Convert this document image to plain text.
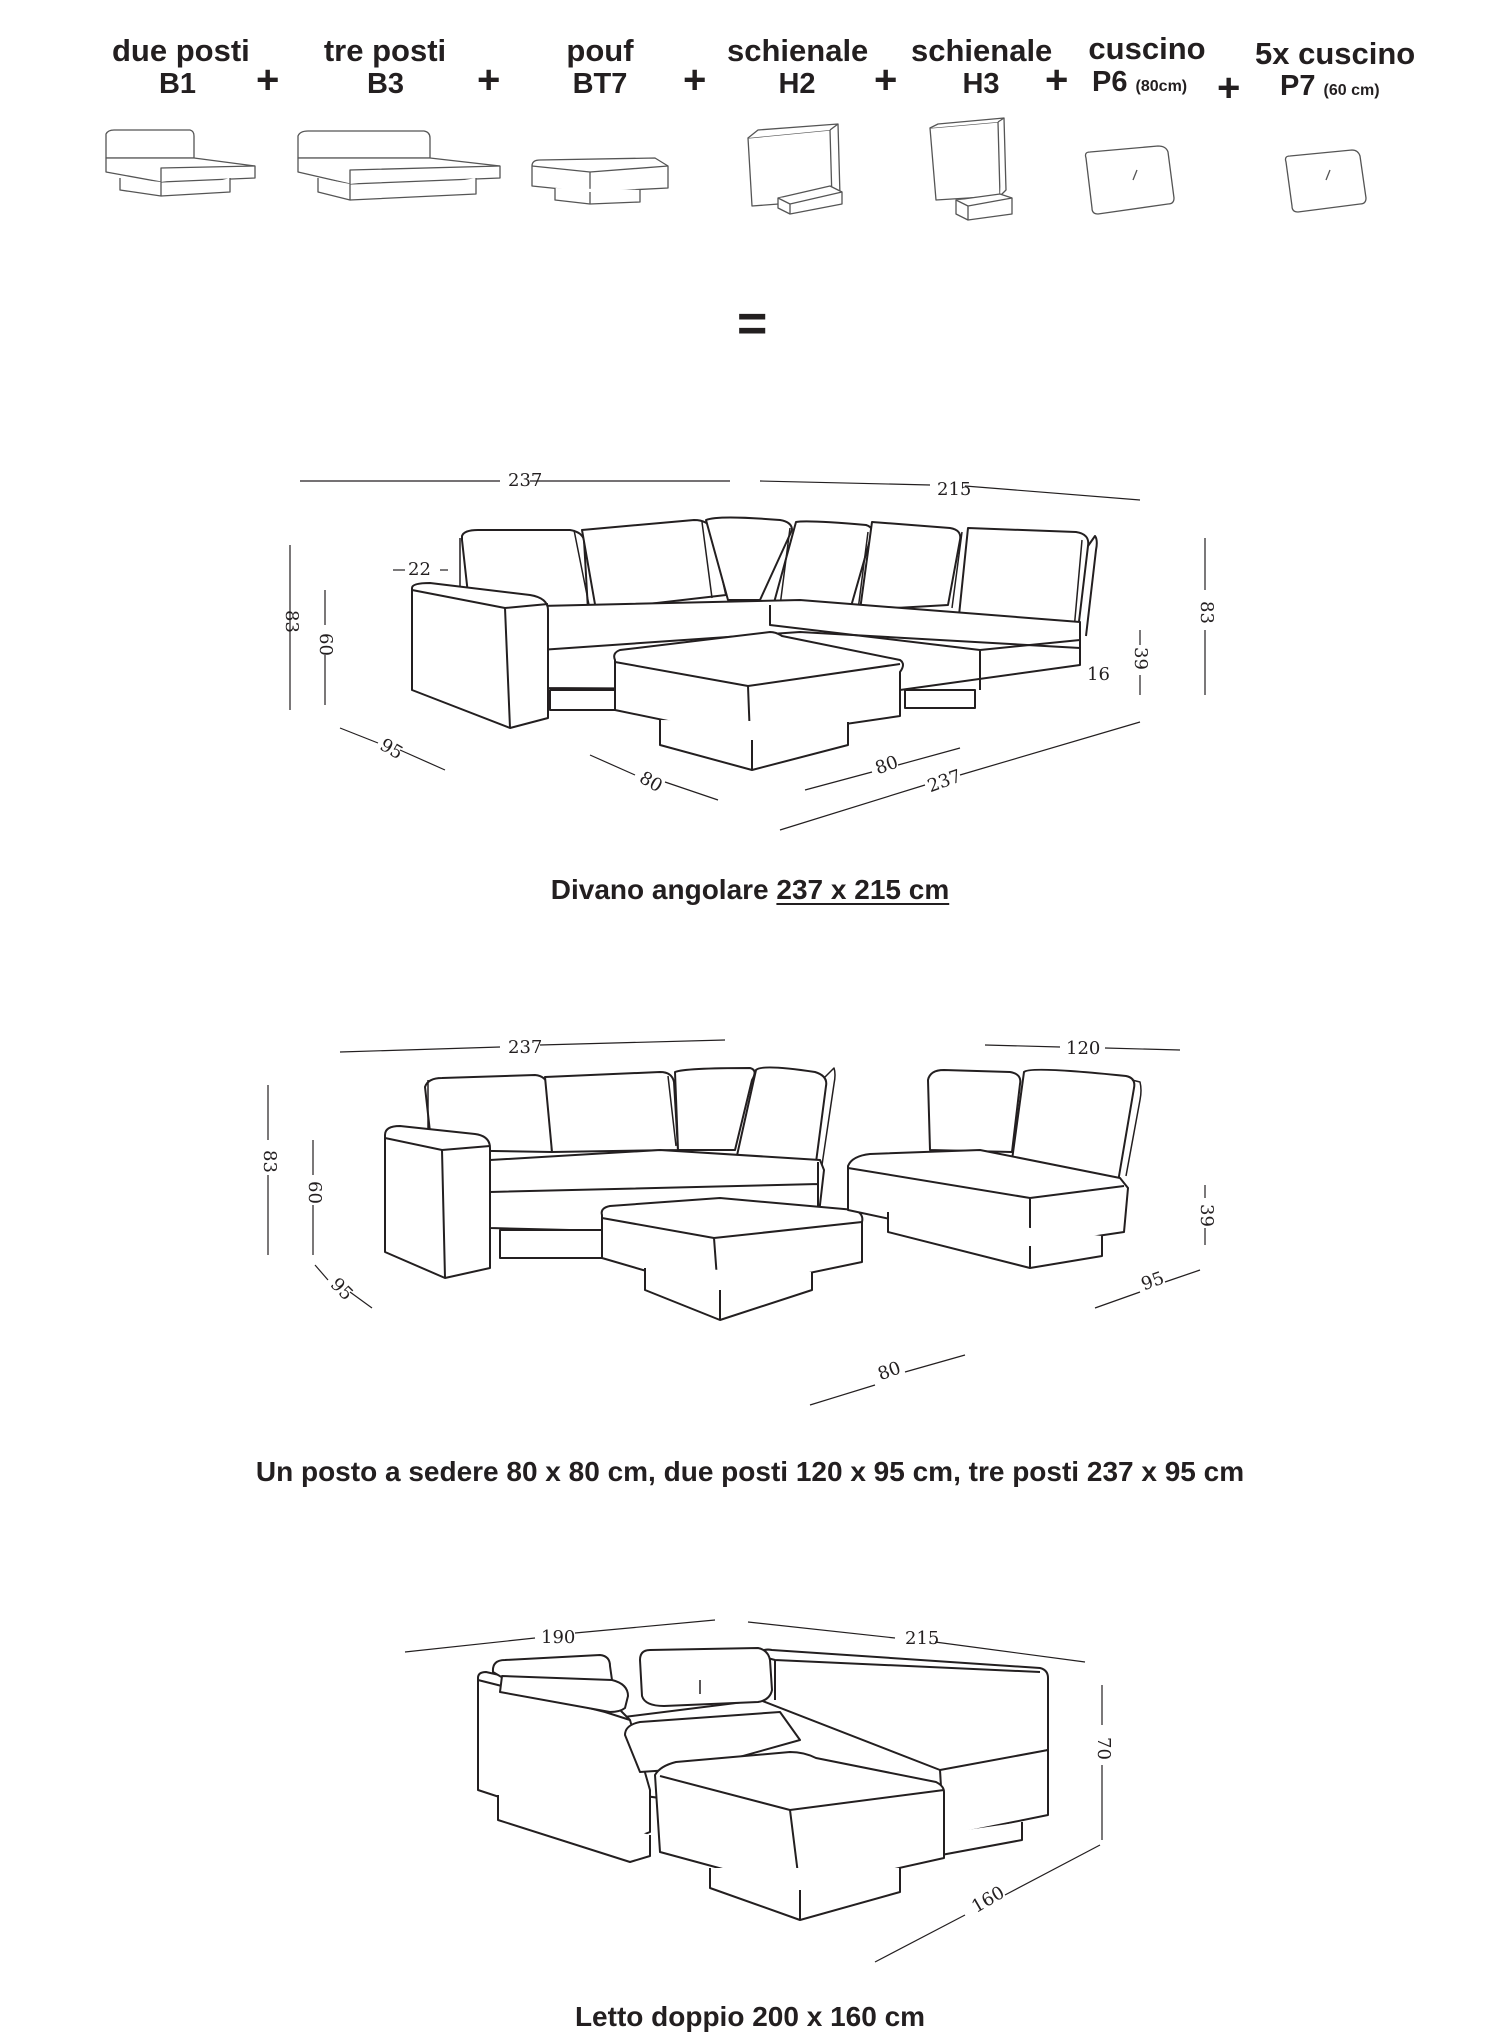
due posti
B1	+
tre posti
B3	+
pouf
BT7	+
schienale
H2	+
schienale
H3	+
cuscino
P6 (80cm) +
5x cuscino
P7 (60 cm)
=
237	215
22
83
60
83
39
16
95
80
80
237
Divano angolare 237 x 215 cm
237	120
83
60
39
95	95
80
Un posto a sedere 80 x 80 cm, due posti 120 x 95 cm, tre posti 237 x 95 cm
190	215
70
160
Letto doppio 200 x 160 cm
